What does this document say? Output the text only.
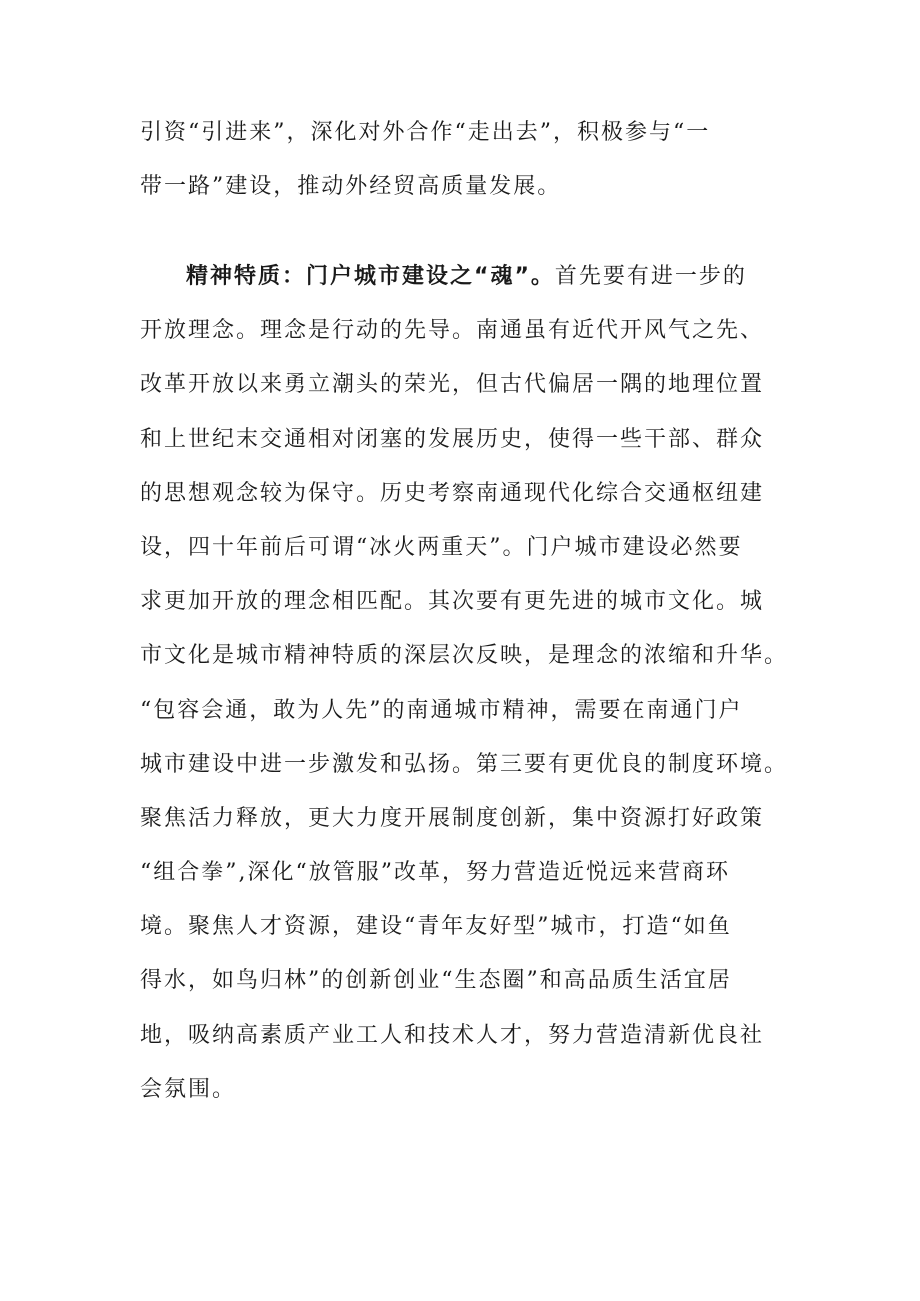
引资“引进来”，深化对外合作“走出去”，积极参与“一
带一路”建设，推动外经贸高质量发展。
精神特质：门户城市建设之“魂”。首先要有进一步的
开放理念。理念是行动的先导。南通虽有近代开风气之先、
改革开放以来勇立潮头的荣光，但古代偏居一隅的地理位置
和上世纪末交通相对闭塞的发展历史，使得一些干部、群众
的思想观念较为保守。历史考察南通现代化综合交通枢纽建
设，四十年前后可谓“冰火两重天”。门户城市建设必然要
求更加开放的理念相匹配。其次要有更先进的城市文化。城
市文化是城市精神特质的深层次反映，是理念的浓缩和升华。
“包容会通，敢为人先”的南通城市精神，需要在南通门户
城市建设中进一步激发和弘扬。第三要有更优良的制度环境。
聚焦活力释放，更大力度开展制度创新，集中资源打好政策
“组合拳”,深化“放管服”改革，努力营造近悦远来营商环
境。聚焦人才资源，建设“青年友好型”城市，打造“如鱼
得水，如鸟归林”的创新创业“生态圈”和高品质生活宜居
地，吸纳高素质产业工人和技术人才，努力营造清新优良社
会氛围。
